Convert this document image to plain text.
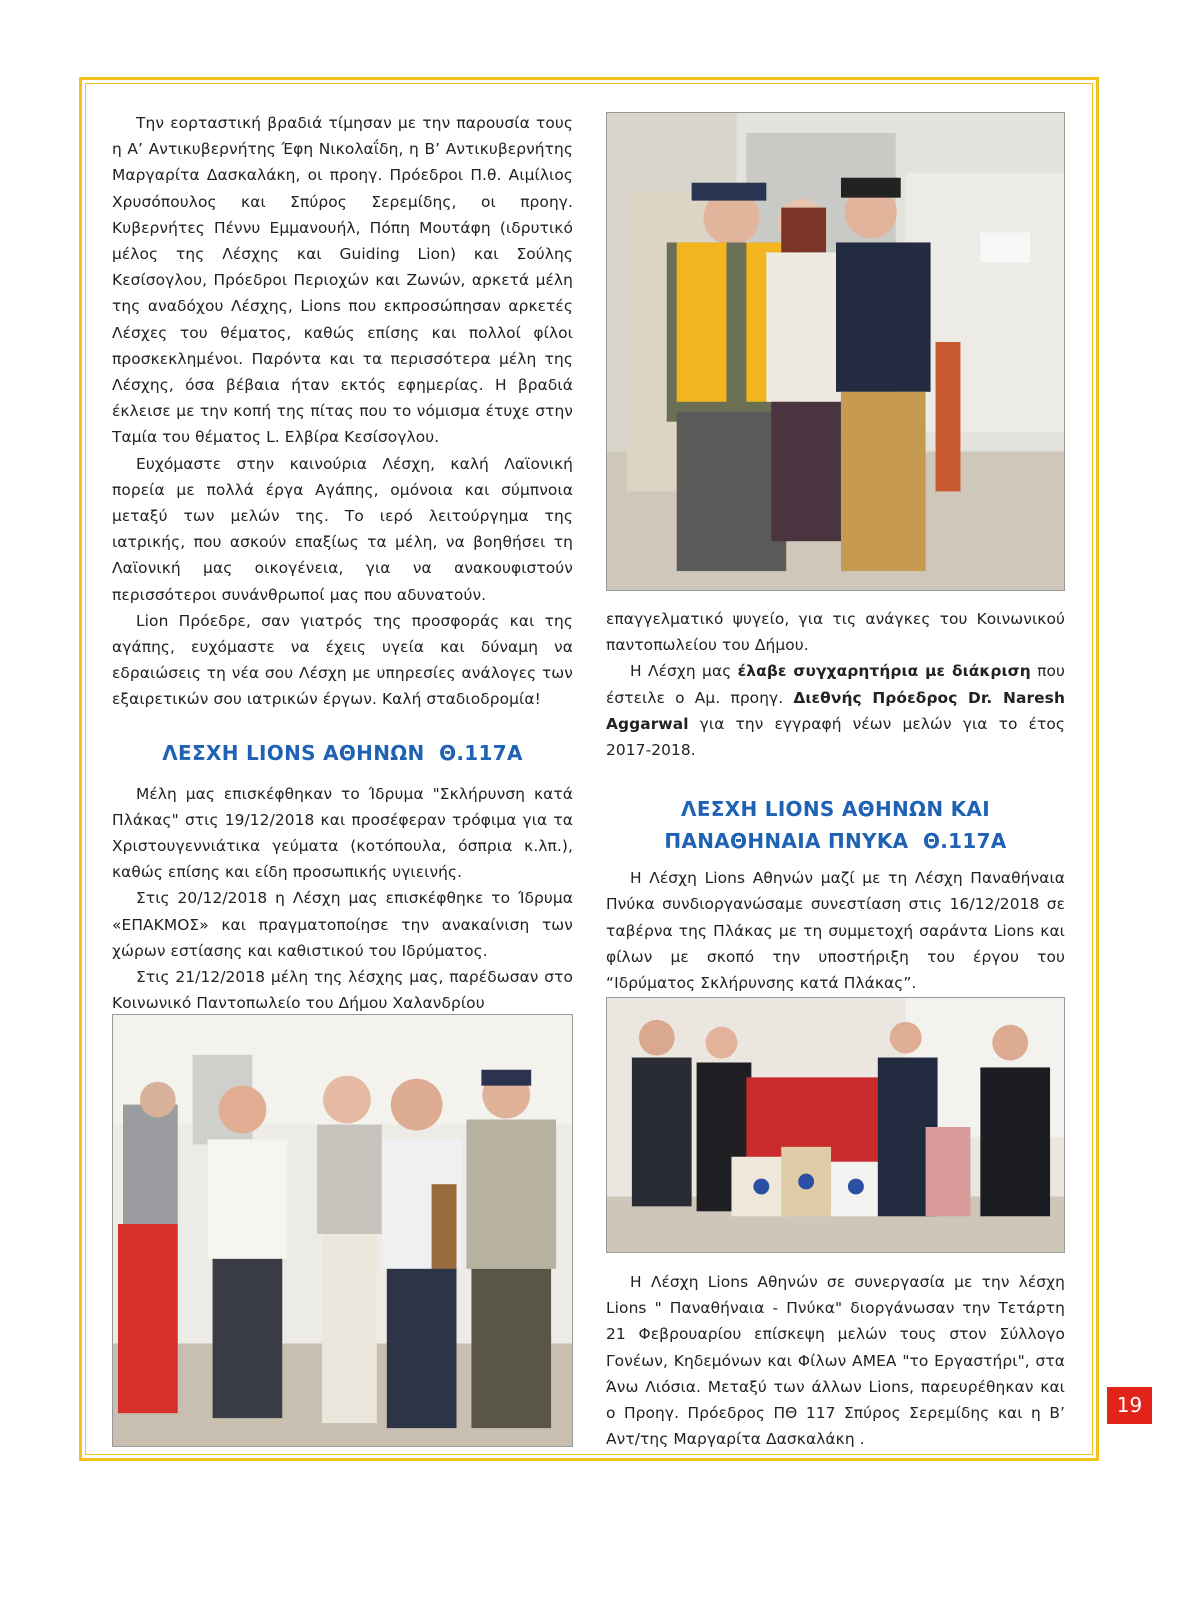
Την εορταστική βραδιά τίμησαν με την παρουσία τους η Α’ Αντικυβερνήτης Έφη Νικολαΐδη, η Β’ Αντικυβερνήτης Μαργαρίτα Δασκαλάκη, οι προηγ. Πρόεδροι Π.θ. Αιμίλιος Χρυσόπουλος και Σπύρος Σερεμίδης, οι προηγ. Κυβερνήτες Πέννυ Εμμανουήλ, Πόπη Μουτάφη (ιδρυτικό μέλος της Λέσχης και Guiding Lion) και Σούλης Κεσίσογλου, Πρόεδροι Περιοχών και Ζωνών, αρκετά μέλη της αναδόχου Λέσχης, Lions που εκπροσώπησαν αρκετές Λέσχες του θέματος, καθώς επίσης και πολλοί φίλοι προσκεκλημένοι. Παρόντα και τα περισσότερα μέλη της Λέσχης, όσα βέβαια ήταν εκτός εφημερίας. Η βραδιά έκλεισε με την κοπή της πίτας που το νόμισμα έτυχε στην Ταμία του θέματος L. Ελβίρα Κεσίσογλου.

Ευχόμαστε στην καινούρια Λέσχη, καλή Λαϊονική πορεία με πολλά έργα Αγάπης, ομόνοια και σύμπνοια μεταξύ των μελών της. Το ιερό λειτούργημα της ιατρικής, που ασκούν επαξίως τα μέλη, να βοηθήσει τη Λαϊονική μας οικογένεια, για να ανακουφιστούν περισσότεροι συνάνθρωποί μας που αδυνατούν.

Lion Πρόεδρε, σαν γιατρός της προσφοράς και της αγάπης, ευχόμαστε να έχεις υγεία και δύναμη να εδραιώσεις τη νέα σου Λέσχη με υπηρεσίες ανάλογες των εξαιρετικών σου ιατρικών έργων. Καλή σταδιοδρομία!

ΛΕΣΧΗ LIONS ΑΘΗΝΩΝ  Θ.117Α

Μέλη μας επισκέφθηκαν το Ίδρυμα "Σκλήρυνση κατά Πλάκας" στις 19/12/2018 και προσέφεραν τρόφιμα για τα Χριστουγεννιάτικα γεύματα (κοτόπουλα, όσπρια κ.λπ.), καθώς επίσης και είδη προσωπικής υγιεινής.

Στις 20/12/2018 η Λέσχη μας επισκέφθηκε το Ίδρυμα «ΕΠΑΚΜΟΣ» και πραγματοποίησε την ανακαίνιση των χώρων εστίασης και καθιστικού του Ιδρύματος.

Στις 21/12/2018 μέλη της λέσχης μας, παρέδωσαν στο Κοινωνικό Παντοπωλείο του Δήμου Χαλανδρίου

επαγγελματικό ψυγείο, για τις ανάγκες του Κοινωνικού παντοπωλείου του Δήμου.

Η Λέσχη μας έλαβε συγχαρητήρια με διάκριση που έστειλε ο Αμ. προηγ. Διεθνής Πρόεδρος Dr. Naresh Aggarwal για την εγγραφή νέων μελών για το έτος 2017-2018.

ΛΕΣΧΗ LIONS ΑΘΗΝΩΝ ΚΑΙ
ΠΑΝΑΘΗΝΑΙΑ ΠΝΥΚΑ  Θ.117Α

Η Λέσχη Lions Αθηνών μαζί με τη Λέσχη Παναθήναια Πνύκα συνδιοργανώσαμε συνεστίαση στις 16/12/2018 σε ταβέρνα της Πλάκας με τη συμμετοχή σαράντα Lions και φίλων με σκοπό την υποστήριξη του έργου του “Ιδρύματος Σκλήρυνσης κατά Πλάκας”.

Η Λέσχη Lions Αθηνών σε συνεργασία με την λέσχη Lions " Παναθήναια - Πνύκα" διοργάνωσαν την Τετάρτη 21 Φεβρουαρίου επίσκεψη μελών τους στον Σύλλογο Γονέων, Κηδεμόνων και Φίλων ΑΜΕΑ "το Εργαστήρι", στα Άνω Λιόσια. Μεταξύ των άλλων Lions, παρευρέθηκαν και ο Προηγ. Πρόεδρος ΠΘ 117 Σπύρος Σερεμίδης και η Β’ Αντ/της Μαργαρίτα Δασκαλάκη .

19
